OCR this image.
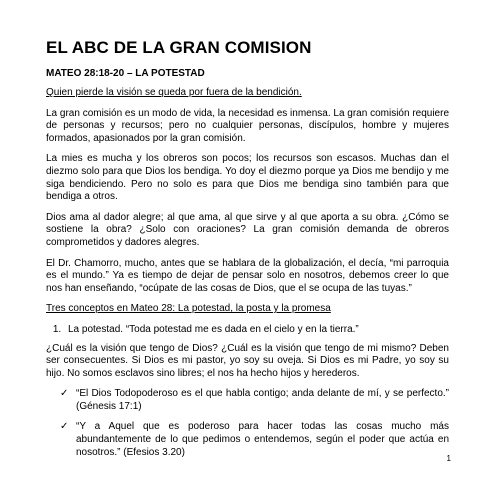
EL ABC DE LA GRAN COMISION
MATEO 28:18-20 – LA POTESTAD

Quien pierde la visión se queda por fuera de la bendición.

La gran comisión es un modo de vida, la necesidad es inmensa. La gran comisión requiere de personas y recursos; pero no cualquier personas, discípulos, hombre y mujeres formados, apasionados por la gran comisión.

La mies es mucha y los obreros son pocos; los recursos son escasos. Muchas dan el diezmo solo para que Dios los bendiga. Yo doy el diezmo porque ya Dios me bendijo y me siga bendiciendo. Pero no solo es para que Dios me bendiga sino también para que bendiga a otros.

Dios ama al dador alegre; al que ama, al que sirve y al que aporta a su obra. ¿Cómo se sostiene la obra? ¿Solo con oraciones? La gran comisión demanda de obreros comprometidos y dadores alegres.

El Dr. Chamorro, mucho, antes que se hablara de la globalización, el decía, “mi parroquia es el mundo.” Ya es tiempo de dejar de pensar solo en nosotros, debemos creer lo que nos han enseñando, “ocúpate de las cosas de Dios, que el se ocupa de las tuyas.”

Tres conceptos en Mateo 28: La potestad, la posta y la promesa

1. La potestad. “Toda potestad me es dada en el cielo y en la tierra.”

¿Cuál es la visión que tengo de Dios? ¿Cuál es la visión que tengo de mi mismo? Deben ser consecuentes. Si Dios es mi pastor, yo soy su oveja. Si Dios es mi Padre, yo soy su hijo. No somos esclavos sino libres; el nos ha hecho hijos y herederos.

✓ “El Dios Todopoderoso es el que habla contigo; anda delante de mí, y se perfecto.” (Génesis 17:1)
✓ “Y a Aquel que es poderoso para hacer todas las cosas mucho más abundantemente de lo que pedimos o entendemos, según el poder que actúa en nosotros.” (Efesios 3.20)
1
